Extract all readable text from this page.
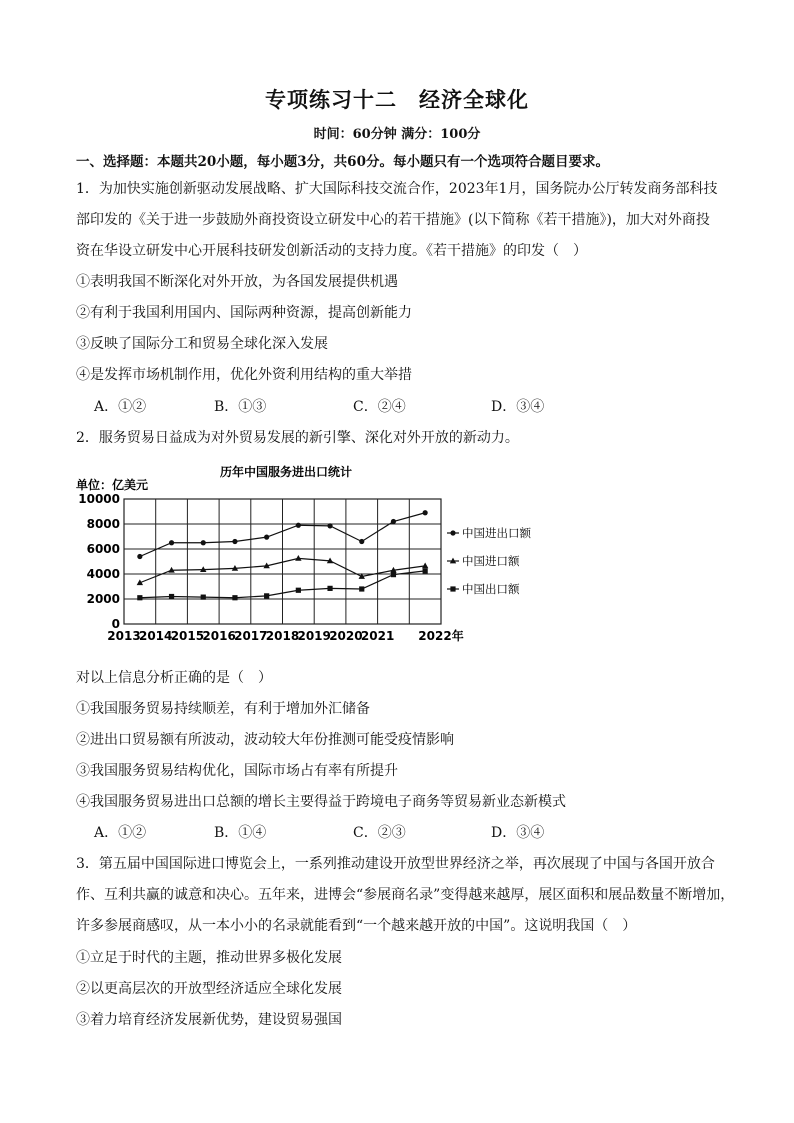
专项练习十二　经济全球化
时间：60分钟 满分：100分
一、选择题：本题共20小题，每小题3分，共60分。每小题只有一个选项符合题目要求。
1．为加快实施创新驱动发展战略、扩大国际科技交流合作，2023年1月，国务院办公厅转发商务部科技
部印发的《关于进一步鼓励外商投资设立研发中心的若干措施》(以下简称《若干措施》)，加大对外商投
资在华设立研发中心开展科技研发创新活动的支持力度。《若干措施》的印发（　）
①表明我国不断深化对外开放，为各国发展提供机遇
②有利于我国利用国内、国际两种资源，提高创新能力
③反映了国际分工和贸易全球化深入发展
④是发挥市场机制作用，优化外资利用结构的重大举措
A．①②	B．①③	C．②④	D．③④
2．服务贸易日益成为对外贸易发展的新引擎、深化对外开放的新动力。
历年中国服务进出口统计
单位：亿美元
0
2000
4000
6000
8000
10000
2013
2014
2015
2016
2017
2018
2019
2020
2021 2022年
中国进出口额
中国进口额
中国出口额
对以上信息分析正确的是（　）
①我国服务贸易持续顺差，有利于增加外汇储备
②进出口贸易额有所波动，波动较大年份推测可能受疫情影响
③我国服务贸易结构优化，国际市场占有率有所提升
④我国服务贸易进出口总额的增长主要得益于跨境电子商务等贸易新业态新模式
A．①②	B．①④	C．②③	D．③④
3．第五届中国国际进口博览会上，一系列推动建设开放型世界经济之举，再次展现了中国与各国开放合
作、互利共赢的诚意和决心。五年来，进博会“参展商名录”变得越来越厚，展区面积和展品数量不断增加，
许多参展商感叹，从一本小小的名录就能看到“一个越来越开放的中国”。这说明我国（　）
①立足于时代的主题，推动世界多极化发展
②以更高层次的开放型经济适应全球化发展
③着力培育经济发展新优势，建设贸易强国
